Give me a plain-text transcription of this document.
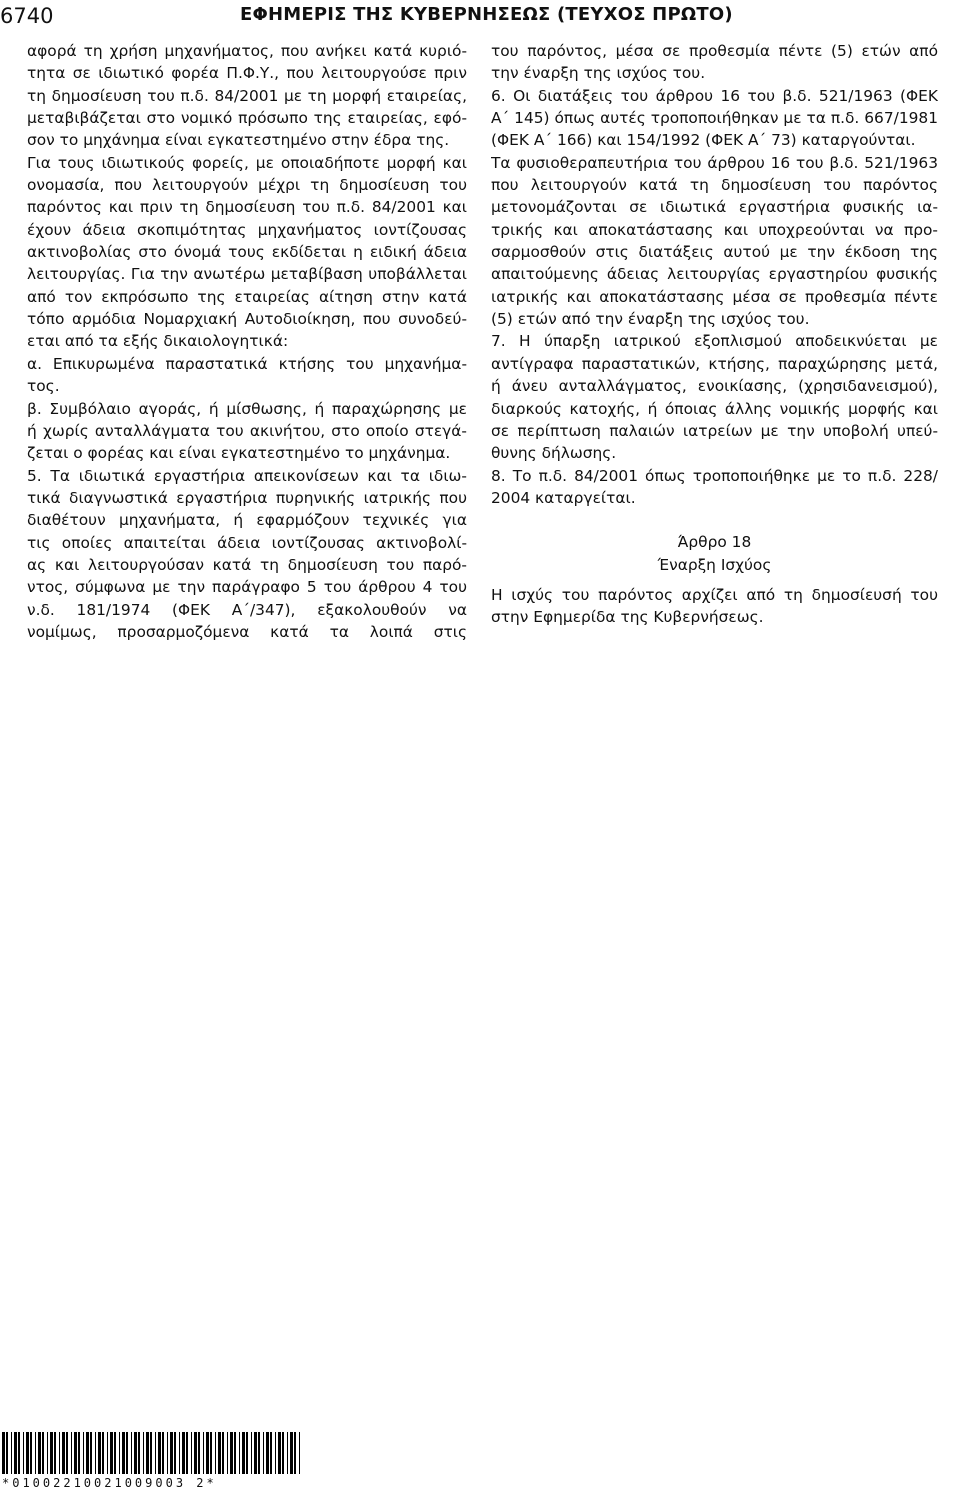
6740	ΕΦΗΜΕΡΙΣ ΤΗΣ ΚΥΒΕΡΝΗΣΕΩΣ (ΤΕΥΧΟΣ ΠΡΩΤΟ)
αφορά τη χρήση μηχανήματος, που ανήκει κατά κυριό-
τητα σε ιδιωτικό φορέα Π.Φ.Υ., που λειτουργούσε πριν
τη δημοσίευση του π.δ. 84/2001 με τη μορφή εταιρείας,
μεταβιβάζεται στο νομικό πρόσωπο της εταιρείας, εφό-
σον το μηχάνημα είναι εγκατεστημένο στην έδρα της.
Για τους ιδιωτικούς φορείς, με οποιαδήποτε μορφή και
ονομασία, που λειτουργούν μέχρι τη δημοσίευση του
παρόντος και πριν τη δημοσίευση του π.δ. 84/2001 και
έχουν άδεια σκοπιμότητας μηχανήματος ιοντίζουσας
ακτινοβολίας στο όνομά τους εκδίδεται η ειδική άδεια
λειτουργίας. Για την ανωτέρω μεταβίβαση υποβάλλεται
από τον εκπρόσωπο της εταιρείας αίτηση στην κατά
τόπο αρμόδια Νομαρχιακή Αυτοδιοίκηση, που συνοδεύ-
εται από τα εξής δικαιολογητικά:
α. Επικυρωμένα παραστατικά κτήσης του μηχανήμα-
τος.
β. Συμβόλαιο αγοράς, ή μίσθωσης, ή παραχώρησης με
ή χωρίς ανταλλάγματα του ακινήτου, στο οποίο στεγά-
ζεται ο φορέας και είναι εγκατεστημένο το μηχάνημα.
5. Τα ιδιωτικά εργαστήρια απεικονίσεων και τα ιδιω-
τικά διαγνωστικά εργαστήρια πυρηνικής ιατρικής που
διαθέτουν μηχανήματα, ή εφαρμόζουν τεχνικές για
τις οποίες απαιτείται άδεια ιοντίζουσας ακτινοβολί-
ας και λειτουργούσαν κατά τη δημοσίευση του παρό-
ντος, σύμφωνα με την παράγραφο 5 του άρθρου 4 του
ν.δ. 181/1974 (ΦΕΚ Α΄/347), εξακολουθούν να
νομίμως, προσαρμοζόμενα κατά τα λοιπά στις
του παρόντος, μέσα σε προθεσμία πέντε (5) ετών από
την έναρξη της ισχύος του.
6. Οι διατάξεις του άρθρου 16 του β.δ. 521/1963 (ΦΕΚ
Α΄ 145) όπως αυτές τροποποιήθηκαν με τα π.δ. 667/1981
(ΦΕΚ Α΄ 166) και 154/1992 (ΦΕΚ Α΄ 73) καταργούνται.
Τα φυσιοθεραπευτήρια του άρθρου 16 του β.δ. 521/1963
που λειτουργούν κατά τη δημοσίευση του παρόντος
μετονομάζονται σε ιδιωτικά εργαστήρια φυσικής ια-
τρικής και αποκατάστασης και υποχρεούνται να προ-
σαρμοσθούν στις διατάξεις αυτού με την έκδοση της
απαιτούμενης άδειας λειτουργίας εργαστηρίου φυσικής
ιατρικής και αποκατάστασης μέσα σε προθεσμία πέντε
(5) ετών από την έναρξη της ισχύος του.
7. Η ύπαρξη ιατρικού εξοπλισμού αποδεικνύεται με
αντίγραφα παραστατικών, κτήσης, παραχώρησης μετά,
ή άνευ ανταλλάγματος, ενοικίασης, (χρησιδανεισμού),
διαρκούς κατοχής, ή όποιας άλλης νομικής μορφής και
σε περίπτωση παλαιών ιατρείων με την υποβολή υπεύ-
θυνης δήλωσης.
8. Το π.δ. 84/2001 όπως τροποποιήθηκε με το π.δ. 228/
2004 καταργείται.
Άρθρο 18
Έναρξη Ισχύος
Η ισχύς του παρόντος αρχίζει από τη δημοσίευσή του
στην Εφημερίδα της Κυβερνήσεως.
*01002210021009003 2*
